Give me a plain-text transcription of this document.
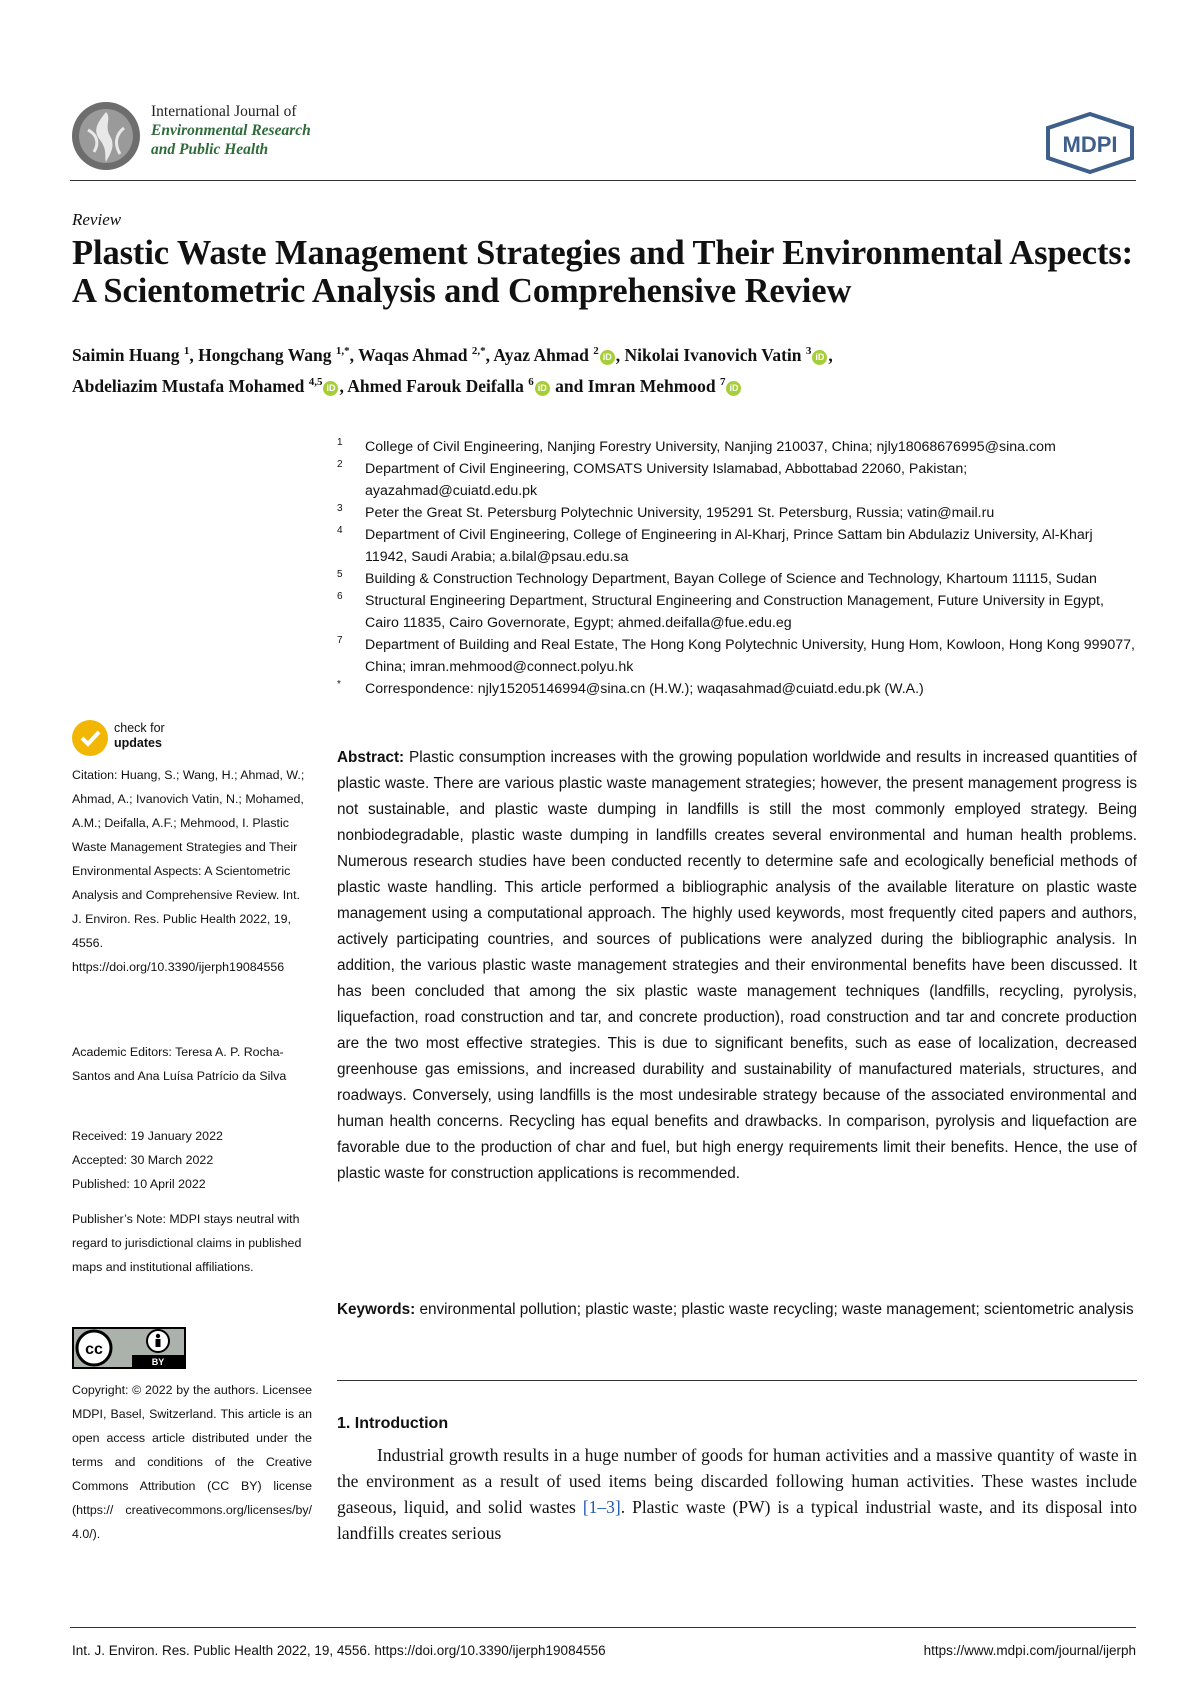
International Journal of
Environmental Research
and Public Health	MDPI
Review
Plastic Waste Management Strategies and Their Environmental Aspects: A Scientometric Analysis and Comprehensive Review
Saimin Huang $^1$, Hongchang Wang $^{1,*}$, Waqas Ahmad $^{2,*}$, Ayaz Ahmad $^2$ iD , Nikolai Ivanovich Vatin $^3$ iD ,
Abdeliazim Mustafa Mohamed $^{4,5}$ iD , Ahmed Farouk Deifalla $^6$ iD and Imran Mehmood $^7$ iD
1 College of Civil Engineering, Nanjing Forestry University, Nanjing 210037, China; njly18068676995@sina.com
2 Department of Civil Engineering, COMSATS University Islamabad, Abbottabad 22060, Pakistan; ayazahmad@cuiatd.edu.pk
3 Peter the Great St. Petersburg Polytechnic University, 195291 St. Petersburg, Russia; vatin@mail.ru
4 Department of Civil Engineering, College of Engineering in Al-Kharj, Prince Sattam bin Abdulaziz University, Al-Kharj 11942, Saudi Arabia; a.bilal@psau.edu.sa
5 Building & Construction Technology Department, Bayan College of Science and Technology, Khartoum 11115, Sudan
6 Structural Engineering Department, Structural Engineering and Construction Management, Future University in Egypt, Cairo 11835, Cairo Governorate, Egypt; ahmed.deifalla@fue.edu.eg
7 Department of Building and Real Estate, The Hong Kong Polytechnic University, Hung Hom, Kowloon, Hong Kong 999077, China; imran.mehmood@connect.polyu.hk
* Correspondence: njly15205146994@sina.cn (H.W.); waqasahmad@cuiatd.edu.pk (W.A.)
check for
updates
Citation: Huang, S.; Wang, H.; Ahmad, W.; Ahmad, A.; Ivanovich Vatin, N.; Mohamed, A.M.; Deifalla, A.F.; Mehmood, I. Plastic Waste Management Strategies and Their Environmental Aspects: A Scientometric Analysis and Comprehensive Review. Int. J. Environ. Res. Public Health 2022, 19, 4556. https://doi.org/10.3390/ijerph19084556
Academic Editors: Teresa A. P. Rocha-Santos and Ana Luísa Patrício da Silva
Received: 19 January 2022
Accepted: 30 March 2022
Published: 10 April 2022
Publisher’s Note: MDPI stays neutral with regard to jurisdictional claims in published maps and institutional affiliations.
cc
BY
Copyright: © 2022 by the authors. Licensee MDPI, Basel, Switzerland. This article is an open access article distributed under the terms and conditions of the Creative Commons Attribution (CC BY) license (https:// creativecommons.org/licenses/by/ 4.0/).
Abstract: Plastic consumption increases with the growing population worldwide and results in increased quantities of plastic waste. There are various plastic waste management strategies; however, the present management progress is not sustainable, and plastic waste dumping in landfills is still the most commonly employed strategy. Being nonbiodegradable, plastic waste dumping in landfills creates several environmental and human health problems. Numerous research studies have been conducted recently to determine safe and ecologically beneficial methods of plastic waste handling. This article performed a bibliographic analysis of the available literature on plastic waste management using a computational approach. The highly used keywords, most frequently cited papers and authors, actively participating countries, and sources of publications were analyzed during the bibliographic analysis. In addition, the various plastic waste management strategies and their environmental benefits have been discussed. It has been concluded that among the six plastic waste management techniques (landfills, recycling, pyrolysis, liquefaction, road construction and tar, and concrete production), road construction and tar and concrete production are the two most effective strategies. This is due to significant benefits, such as ease of localization, decreased greenhouse gas emissions, and increased durability and sustainability of manufactured materials, structures, and roadways. Conversely, using landfills is the most undesirable strategy because of the associated environmental and human health concerns. Recycling has equal benefits and drawbacks. In comparison, pyrolysis and liquefaction are favorable due to the production of char and fuel, but high energy requirements limit their benefits. Hence, the use of plastic waste for construction applications is recommended.
Keywords: environmental pollution; plastic waste; plastic waste recycling; waste management; scientometric analysis
1. Introduction
Industrial growth results in a huge number of goods for human activities and a massive quantity of waste in the environment as a result of used items being discarded following human activities. These wastes include gaseous, liquid, and solid wastes [1–3]. Plastic waste (PW) is a typical industrial waste, and its disposal into landfills creates serious
Int. J. Environ. Res. Public Health 2022, 19, 4556. https://doi.org/10.3390/ijerph19084556	https://www.mdpi.com/journal/ijerph
